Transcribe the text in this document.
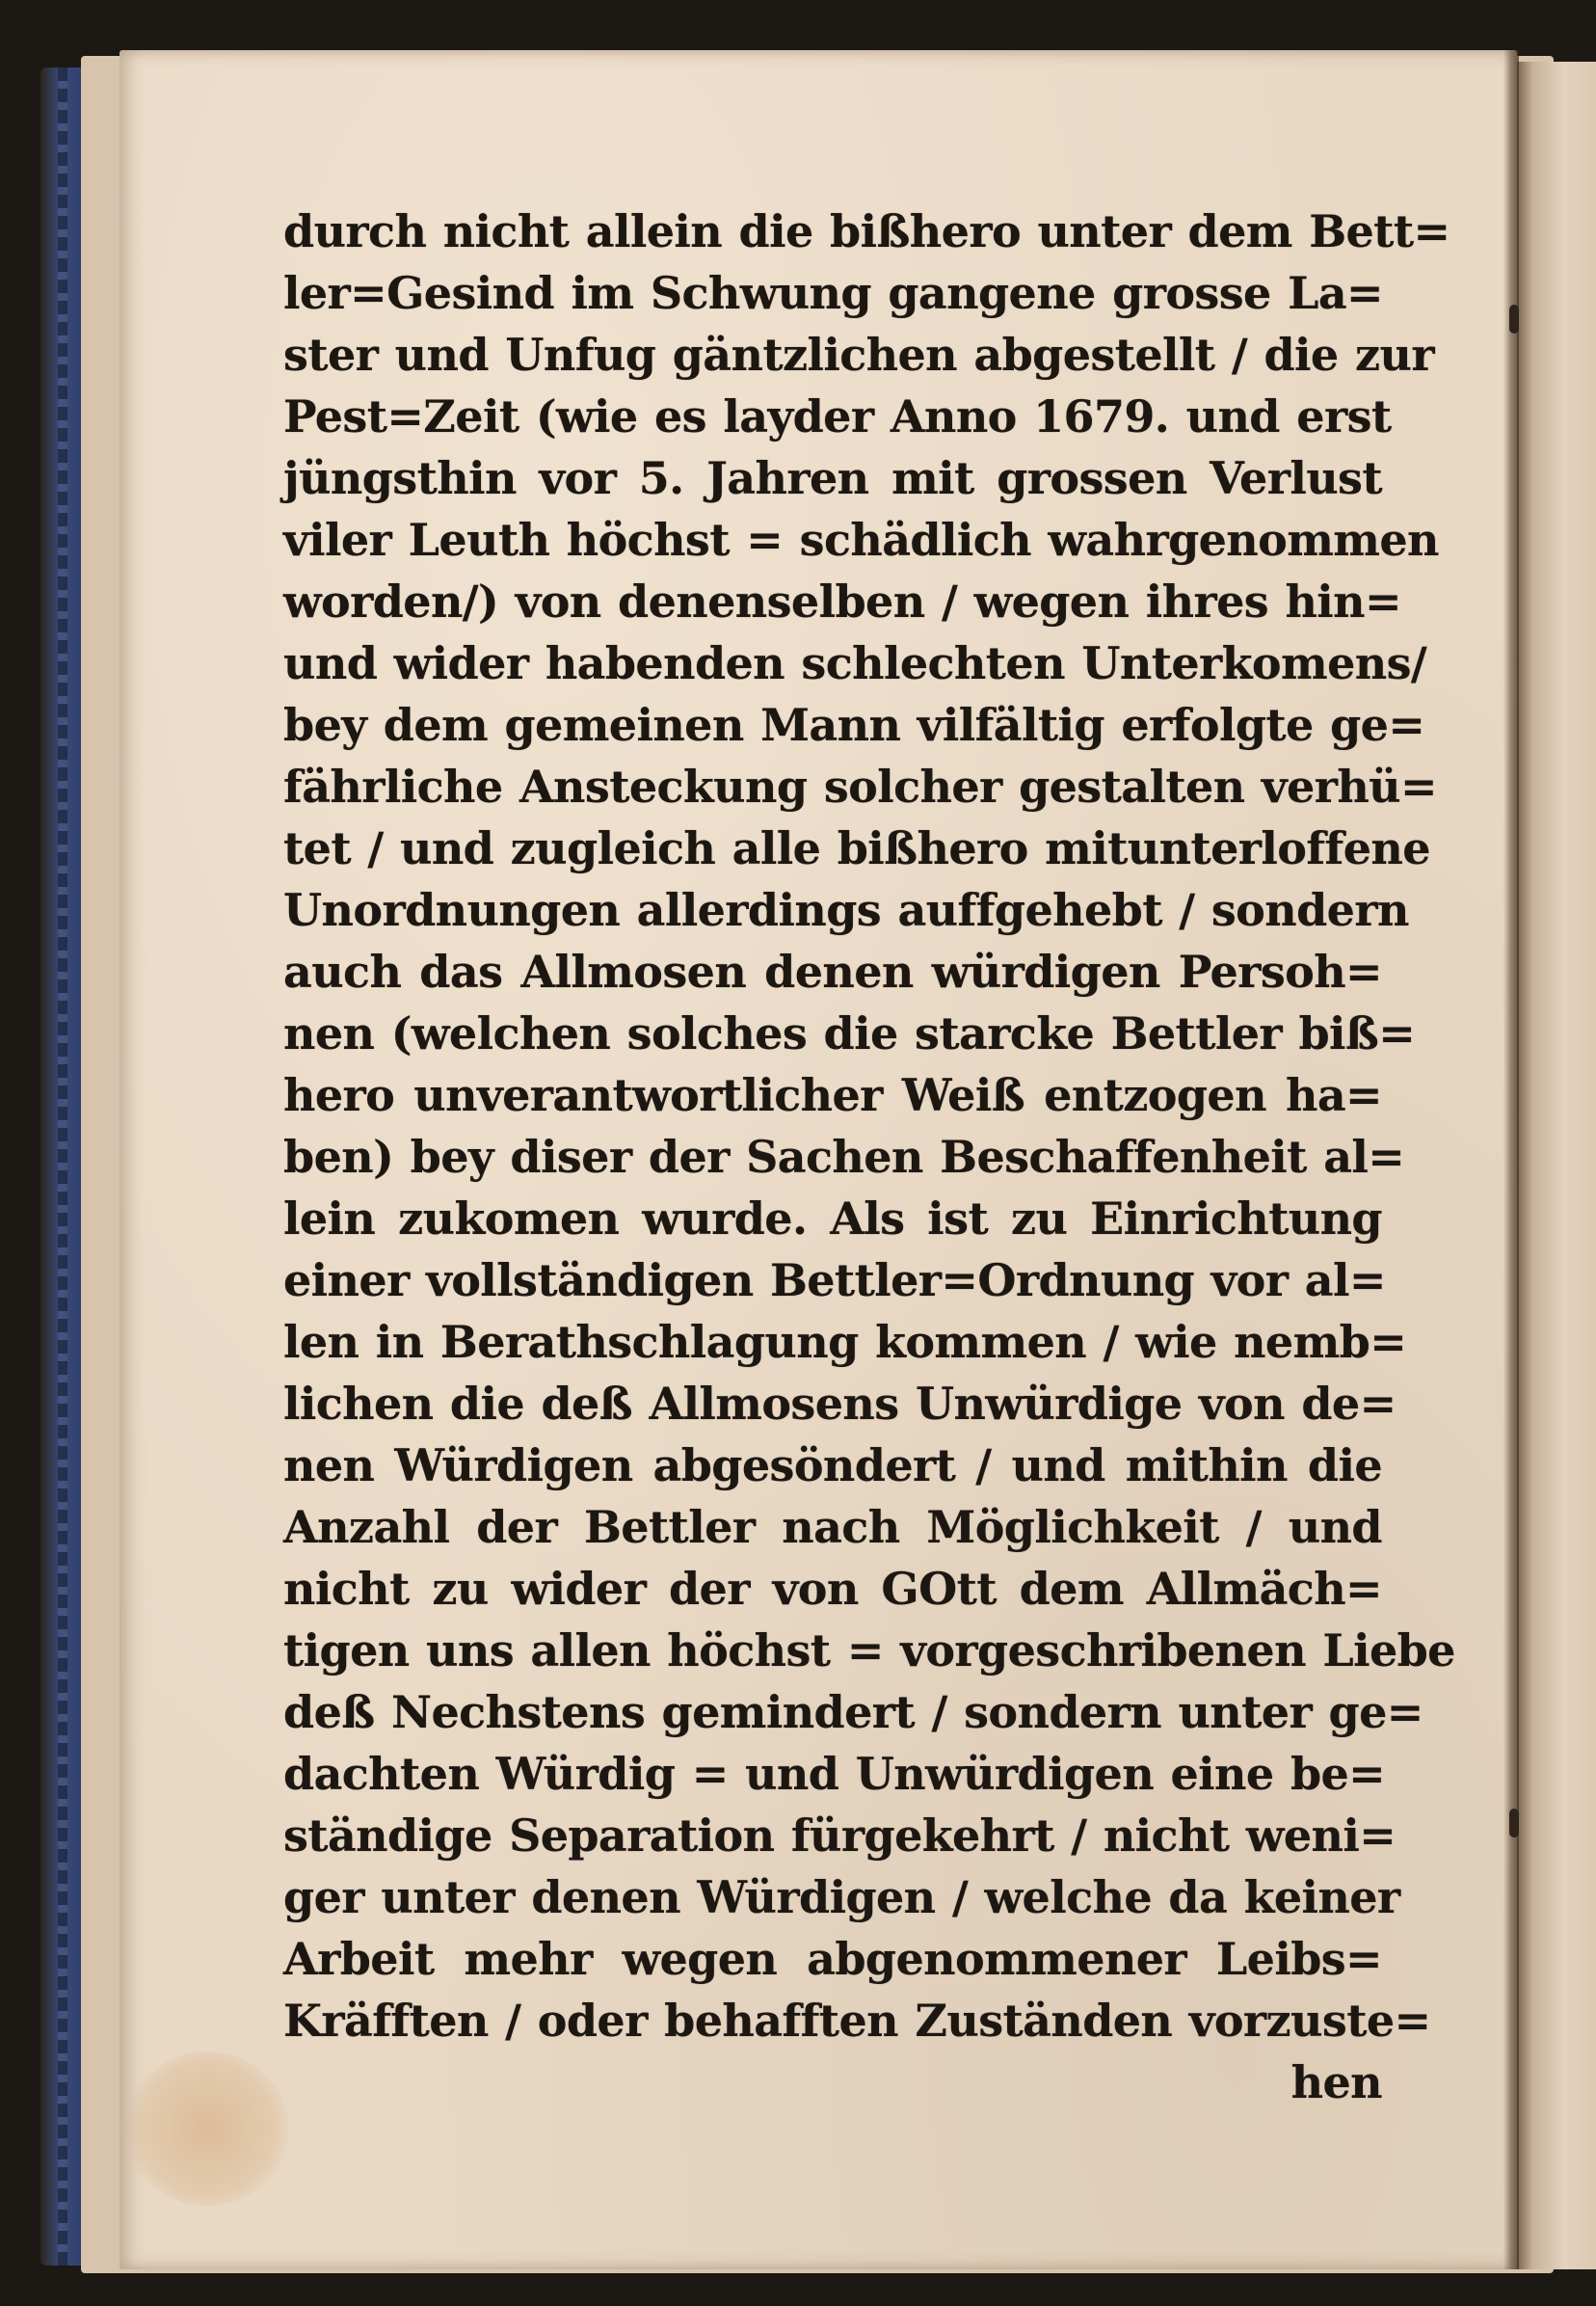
durch nicht allein die bißhero unter dem Bett=
ler=Gesind im Schwung gangene grosse La=
ster und Unfug gäntzlichen abgestellt / die zur
Pest=Zeit (wie es layder Anno 1679. und erst
jüngsthin vor 5. Jahren mit grossen Verlust
viler Leuth höchst = schädlich wahrgenommen
worden/) von denenselben / wegen ihres hin=
und wider habenden schlechten Unterkomens/
bey dem gemeinen Mann vilfältig erfolgte ge=
fährliche Ansteckung solcher gestalten verhü=
tet / und zugleich alle bißhero mitunterloffene
Unordnungen allerdings auffgehebt / sondern
auch das Allmosen denen würdigen Persoh=
nen (welchen solches die starcke Bettler biß=
hero unverantwortlicher Weiß entzogen ha=
ben) bey diser der Sachen Beschaffenheit al=
lein zukomen wurde. Als ist zu Einrichtung
einer vollständigen Bettler=Ordnung vor al=
len in Berathschlagung kommen / wie nemb=
lichen die deß Allmosens Unwürdige von de=
nen Würdigen abgesöndert / und mithin die
Anzahl der Bettler nach Möglichkeit / und
nicht zu wider der von GOtt dem Allmäch=
tigen uns allen höchst = vorgeschribenen Liebe
deß Nechstens gemindert / sondern unter ge=
dachten Würdig = und Unwürdigen eine be=
ständige Separation fürgekehrt / nicht weni=
ger unter denen Würdigen / welche da keiner
Arbeit mehr wegen abgenommener Leibs=
Kräfften / oder behafften Zuständen vorzuste=
hen
